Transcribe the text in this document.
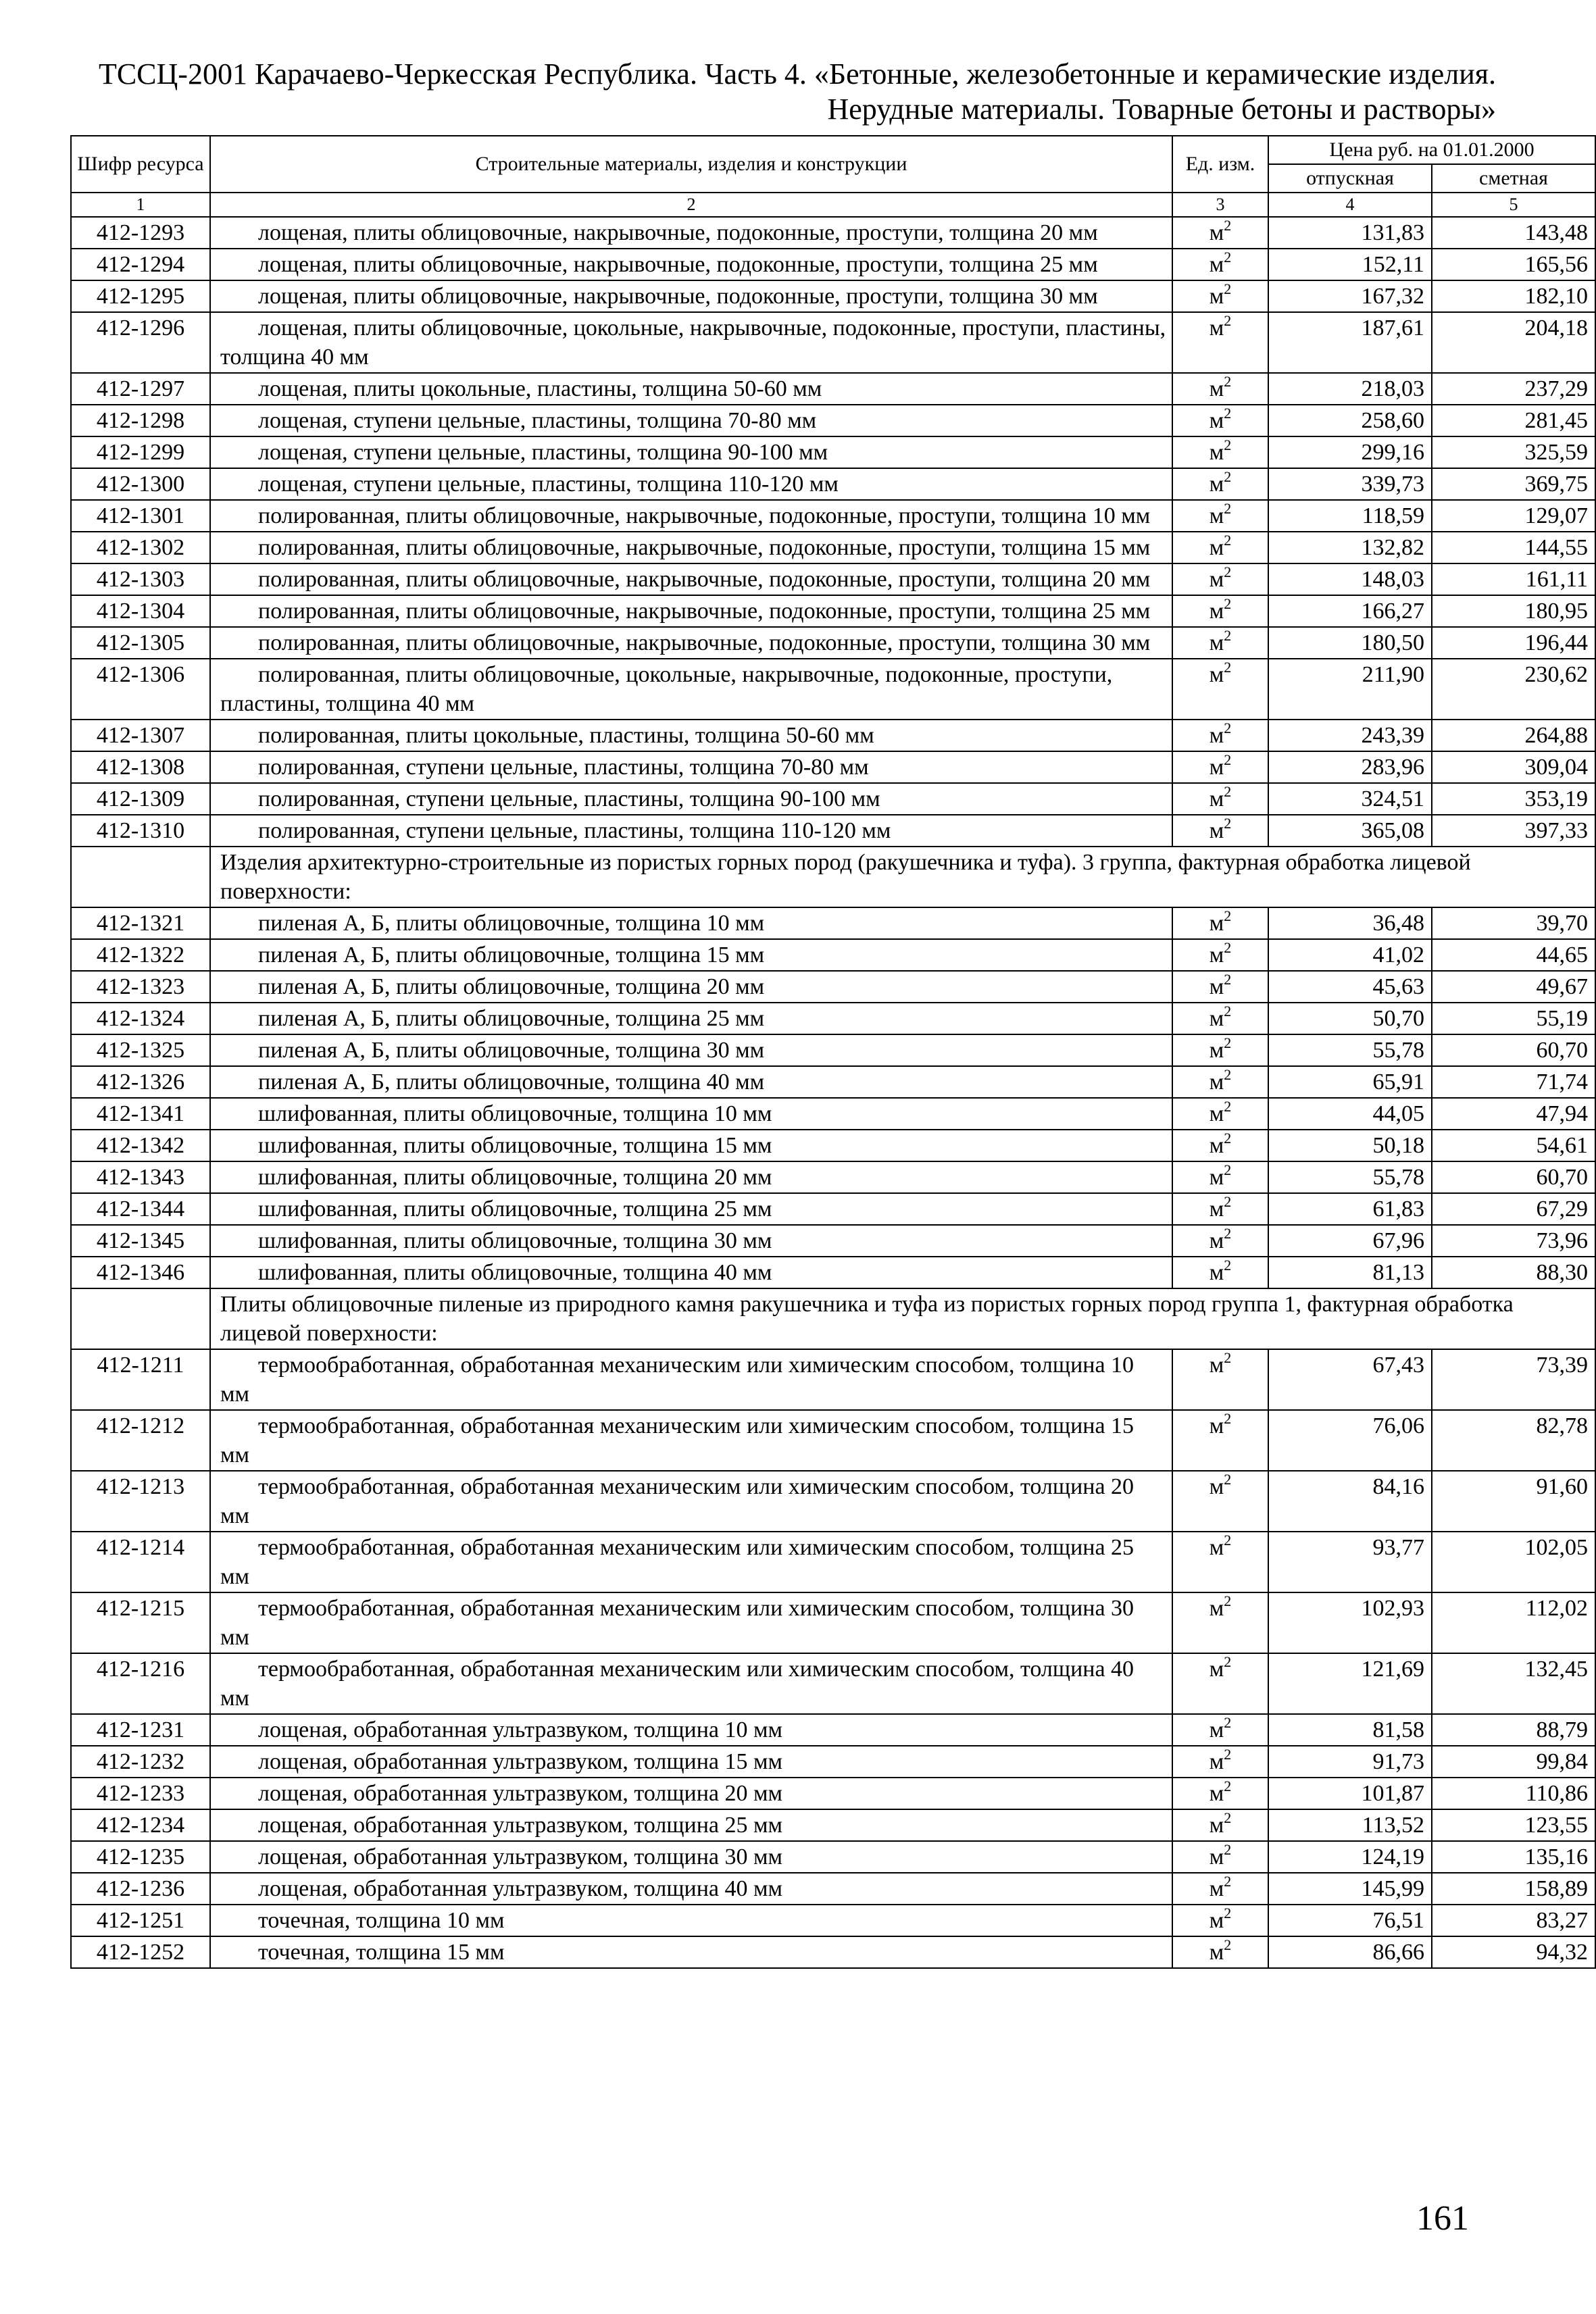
ТССЦ-2001 Карачаево-Черкесская Республика. Часть 4. «Бетонные, железобетонные и керамические изделия.
Нерудные материалы. Товарные бетоны и растворы»
Шифр ресурса	Строительные материалы, изделия и конструкции	Ед. изм.	Цена руб. на 01.01.2000	
			отпускная	сметная
1	2	3	4	5
412-1293	лощеная, плиты облицовочные, накрывочные, подоконные, проступи, толщина 20 мм	$м^2$	131,83	143,48
412-1294	лощеная, плиты облицовочные, накрывочные, подоконные, проступи, толщина 25 мм	$м^2$	152,11	165,56
412-1295	лощеная, плиты облицовочные, накрывочные, подоконные, проступи, толщина 30 мм	$м^2$	167,32	182,10
412-1296	лощеная, плиты облицовочные, цокольные, накрывочные, подоконные, проступи, пластины, толщина 40 мм	$м^2$	187,61	204,18
412-1297	лощеная, плиты цокольные, пластины, толщина 50-60 мм	$м^2$	218,03	237,29
412-1298	лощеная, ступени цельные, пластины, толщина 70-80 мм	$м^2$	258,60	281,45
412-1299	лощеная, ступени цельные, пластины, толщина 90-100 мм	$м^2$	299,16	325,59
412-1300	лощеная, ступени цельные, пластины, толщина 110-120 мм	$м^2$	339,73	369,75
412-1301	полированная, плиты облицовочные, накрывочные, подоконные, проступи, толщина 10 мм	$м^2$	118,59	129,07
412-1302	полированная, плиты облицовочные, накрывочные, подоконные, проступи, толщина 15 мм	$м^2$	132,82	144,55
412-1303	полированная, плиты облицовочные, накрывочные, подоконные, проступи, толщина 20 мм	$м^2$	148,03	161,11
412-1304	полированная, плиты облицовочные, накрывочные, подоконные, проступи, толщина 25 мм	$м^2$	166,27	180,95
412-1305	полированная, плиты облицовочные, накрывочные, подоконные, проступи, толщина 30 мм	$м^2$	180,50	196,44
412-1306	полированная, плиты облицовочные, цокольные, накрывочные, подоконные, проступи, пластины, толщина 40 мм	$м^2$	211,90	230,62
412-1307	полированная, плиты цокольные, пластины, толщина 50-60 мм	$м^2$	243,39	264,88
412-1308	полированная, ступени цельные, пластины, толщина 70-80 мм	$м^2$	283,96	309,04
412-1309	полированная, ступени цельные, пластины, толщина 90-100 мм	$м^2$	324,51	353,19
412-1310	полированная, ступени цельные, пластины, толщина 110-120 мм	$м^2$	365,08	397,33
	Изделия архитектурно-строительные из пористых горных пород (ракушечника и туфа). 3 группа, фактурная обработка лицевой поверхности:			
412-1321	пиленая А, Б, плиты облицовочные, толщина 10 мм	$м^2$	36,48	39,70
412-1322	пиленая А, Б, плиты облицовочные, толщина 15 мм	$м^2$	41,02	44,65
412-1323	пиленая А, Б, плиты облицовочные, толщина 20 мм	$м^2$	45,63	49,67
412-1324	пиленая А, Б, плиты облицовочные, толщина 25 мм	$м^2$	50,70	55,19
412-1325	пиленая А, Б, плиты облицовочные, толщина 30 мм	$м^2$	55,78	60,70
412-1326	пиленая А, Б, плиты облицовочные, толщина 40 мм	$м^2$	65,91	71,74
412-1341	шлифованная, плиты облицовочные, толщина 10 мм	$м^2$	44,05	47,94
412-1342	шлифованная, плиты облицовочные, толщина 15 мм	$м^2$	50,18	54,61
412-1343	шлифованная, плиты облицовочные, толщина 20 мм	$м^2$	55,78	60,70
412-1344	шлифованная, плиты облицовочные, толщина 25 мм	$м^2$	61,83	67,29
412-1345	шлифованная, плиты облицовочные, толщина 30 мм	$м^2$	67,96	73,96
412-1346	шлифованная, плиты облицовочные, толщина 40 мм	$м^2$	81,13	88,30
	Плиты облицовочные пиленые из природного камня ракушечника и туфа из пористых горных пород группа 1, фактурная обработка лицевой поверхности:			
412-1211	термообработанная, обработанная механическим или химическим способом, толщина 10 мм	$м^2$	67,43	73,39
412-1212	термообработанная, обработанная механическим или химическим способом, толщина 15 мм	$м^2$	76,06	82,78
412-1213	термообработанная, обработанная механическим или химическим способом, толщина 20 мм	$м^2$	84,16	91,60
412-1214	термообработанная, обработанная механическим или химическим способом, толщина 25 мм	$м^2$	93,77	102,05
412-1215	термообработанная, обработанная механическим или химическим способом, толщина 30 мм	$м^2$	102,93	112,02
412-1216	термообработанная, обработанная механическим или химическим способом, толщина 40 мм	$м^2$	121,69	132,45
412-1231	лощеная, обработанная ультразвуком, толщина 10 мм	$м^2$	81,58	88,79
412-1232	лощеная, обработанная ультразвуком, толщина 15 мм	$м^2$	91,73	99,84
412-1233	лощеная, обработанная ультразвуком, толщина 20 мм	$м^2$	101,87	110,86
412-1234	лощеная, обработанная ультразвуком, толщина 25 мм	$м^2$	113,52	123,55
412-1235	лощеная, обработанная ультразвуком, толщина 30 мм	$м^2$	124,19	135,16
412-1236	лощеная, обработанная ультразвуком, толщина 40 мм	$м^2$	145,99	158,89
412-1251	точечная, толщина 10 мм	$м^2$	76,51	83,27
412-1252	точечная, толщина 15 мм	$м^2$	86,66	94,32
161
